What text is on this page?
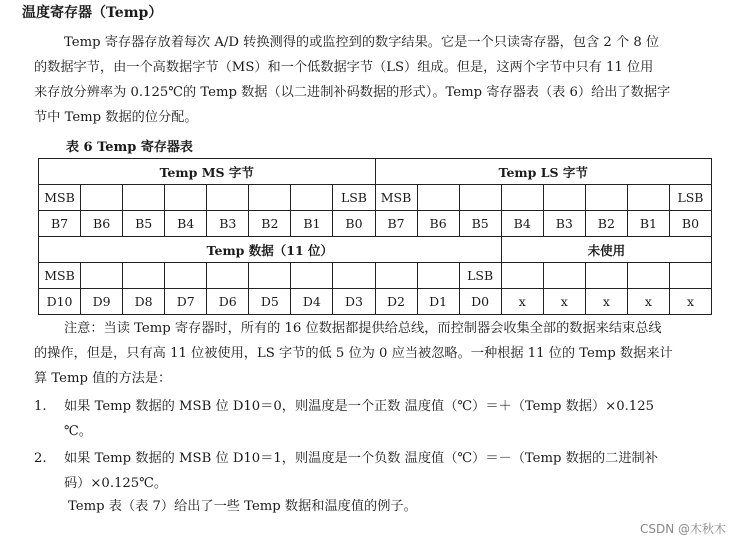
温度寄存器（Temp）

Temp 寄存器存放着每次 A/D 转换测得的或监控到的数字结果。它是一个只读寄存器，包含 2 个 8 位

的数据字节，由一个高数据字节（MS）和一个低数据字节（LS）组成。但是，这两个字节中只有 11 位用

来存放分辨率为 0.125℃的 Temp 数据（以二进制补码数据的形式）。Temp 寄存器表（表 6）给出了数据字

节中 Temp 数据的位分配。

表 6 Temp 寄存器表
Temp MS 字节								Temp LS 字节							
MSB							LSB	MSB							LSB
B7	B6	B5	B4	B3	B2	B1	B0	B7	B6	B5	B4	B3	B2	B1	B0
Temp 数据（11 位）											未使用				
MSB										LSB					
D10	D9	D8	D7	D6	D5	D4	D3	D2	D1	D0	x	x	x	x	x

注意：当读 Temp 寄存器时，所有的 16 位数据都提供给总线，而控制器会收集全部的数据来结束总线

的操作，但是，只有高 11 位被使用，LS 字节的低 5 位为 0 应当被忽略。一种根据 11 位的 Temp 数据来计

算 Temp 值的方法是：

1. 如果 Temp 数据的 MSB 位 D10＝0，则温度是一个正数 温度值（℃）＝＋（Temp 数据）×0.125
℃。
2. 如果 Temp 数据的 MSB 位 D10＝1，则温度是一个负数 温度值（℃）＝－（Temp 数据的二进制补
码）×0.125℃。
Temp 表（表 7）给出了一些 Temp 数据和温度值的例子。
CSDN @木秋木
